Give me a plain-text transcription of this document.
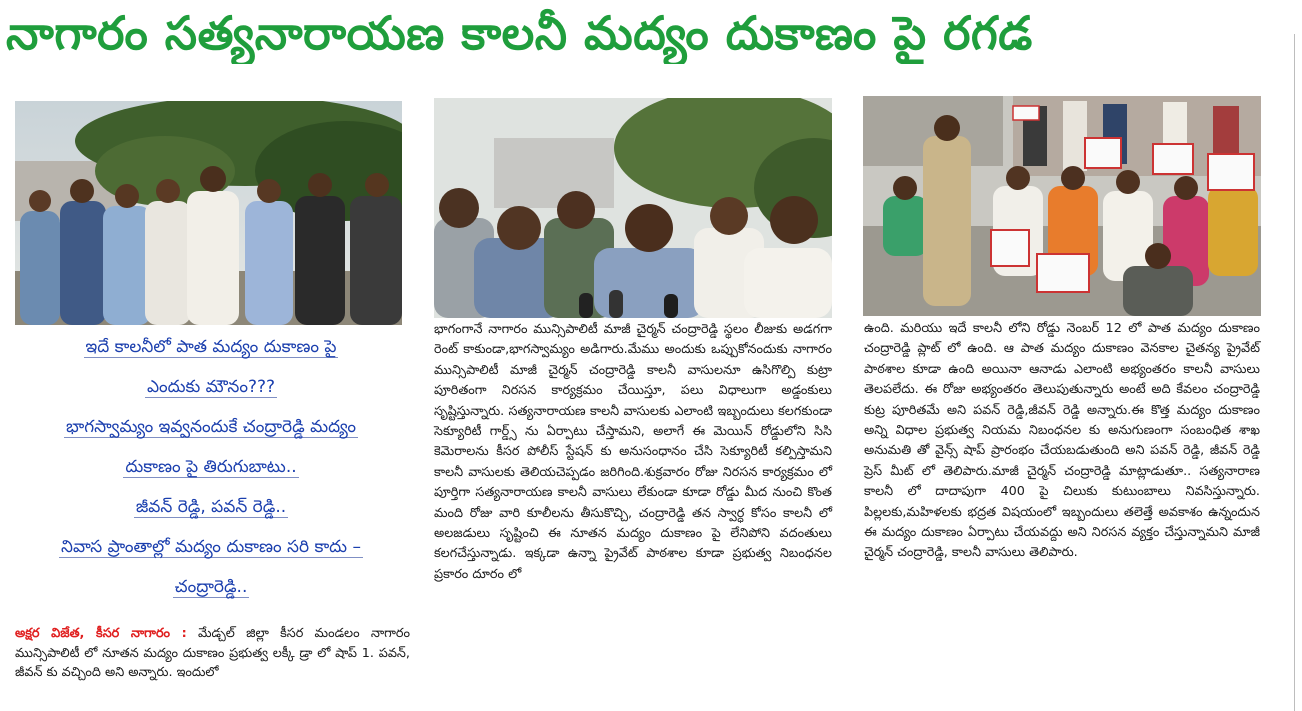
నాగారం సత్యనారాయణ కాలనీ మద్యం దుకాణం పై రగడ
ఇదే కాలనీలో పాత మద్యం దుకాణం పై
ఎందుకు మౌనం???
భాగస్వామ్యం ఇవ్వనందుకే చంద్రారెడ్డి మద్యం
దుకాణం పై తిరుగుబాటు..
జీవన్ రెడ్డి, పవన్ రెడ్డి..
నివాస ప్రాంతాల్లో మద్యం దుకాణం సరి కాదు –
చంద్రారెడ్డి..
అక్షర విజేత, కీసర నాగారం : మేడ్చల్ జిల్లా కీసర మండలం నాగారం మున్సిపాలిటీ లో నూతన మద్యం దుకాణం ప్రభుత్వ లక్కీ డ్రా లో షాప్ 1. పవన్, జీవన్ కు వచ్చింది అని అన్నారు. ఇందులో

భాగంగానే నాగారం మున్సిపాలిటీ మాజీ చైర్మన్ చంద్రారెడ్డి స్థలం లీజుకు అడగగా రెంట్ కాకుండా,భాగస్వామ్యం అడిగారు.మేము అందుకు ఒప్పుకోనందుకు నాగారం మున్సిపాలిటీ మాజీ చైర్మన్ చంద్రారెడ్డి కాలనీ వాసులనూ ఉసిగొల్పి కుట్రా పూరితంగా నిరసన కార్యక్రమం చేయిస్తూ, పలు విధాలుగా అడ్డంకులు సృష్టిస్తున్నారు. సత్యనారాయణ కాలనీ వాసులకు ఎలాంటి ఇబ్బందులు కలగకుండా సెక్యూరిటీ గార్డ్స్ ను ఏర్పాటు చేస్తామని, అలాగే ఈ మెయిన్ రోడ్డులోని సిసి కెమెరాలను కీసర పోలీస్ స్టేషన్ కు అనుసంధానం చేసి సెక్యూరిటీ కల్పిస్తామని కాలనీ వాసులకు తెలియచెప్పడం జరిగింది.శుక్రవారం రోజు నిరసన కార్యక్రమం లో పూర్తిగా సత్యనారాయణ కాలనీ వాసులు లేకుండా కూడా రోడ్డు మీద నుంచి కొంత మంది రోజు వారి కూలీలను తీసుకొచ్చి, చంద్రారెడ్డి తన స్వార్ధ కోసం కాలనీ లో అలజడులు సృష్టించి ఈ నూతన మద్యం దుకాణం పై లేనిపోని వదంతులు కలగచేస్తున్నాడు. ఇక్కడా ఉన్నా ప్రైవేట్ పాఠశాల కూడా ప్రభుత్వ నిబంధనల ప్రకారం దూరం లో

ఉంది. మరియు ఇదే కాలనీ లోని రోడ్డు నెంబర్ 12 లో పాత మద్యం దుకాణం చంద్రారెడ్డి ప్లాట్ లో ఉంది. ఆ పాత మద్యం దుకాణం వెనకాల చైతన్య ప్రైవేట్ పాఠశాల కూడా ఉంది అయినా ఆనాడు ఎలాంటి అభ్యంతరం కాలనీ వాసులు తెలపలేదు. ఈ రోజు అభ్యంతరం తెలుపుతున్నారు అంటే అది కేవలం చంద్రారెడ్డి కుట్ర పూరితమే అని పవన్ రెడ్డి,జీవన్ రెడ్డి అన్నారు.ఈ కొత్త మద్యం దుకాణం అన్ని విధాల ప్రభుత్వ నియమ నిబంధనల కు అనుగుణంగా సంబంధిత శాఖ అనుమతి తో వైన్స్ షాప్ ప్రారంభం చేయబడుతుంది అని పవన్ రెడ్డి, జీవన్ రెడ్డి ప్రెస్ మీట్ లో తెలిపారు.మాజీ చైర్మన్ చంద్రారెడ్డి మాట్లాడుతూ.. సత్యనారాణ కాలనీ లో దాదాపుగా 400 పై చిలుకు కుటుంబాలు నివసిస్తున్నారు. పిల్లలకు,మహిళలకు భద్రత విషయంలో ఇబ్బందులు తలెత్తే అవకాశం ఉన్నందున ఈ మద్యం దుకాణం ఏర్పాటు చేయవద్దు అని నిరసన వ్యక్తం చేస్తున్నామని మాజీ చైర్మన్ చంద్రారెడ్డి, కాలనీ వాసులు తెలిపారు.
